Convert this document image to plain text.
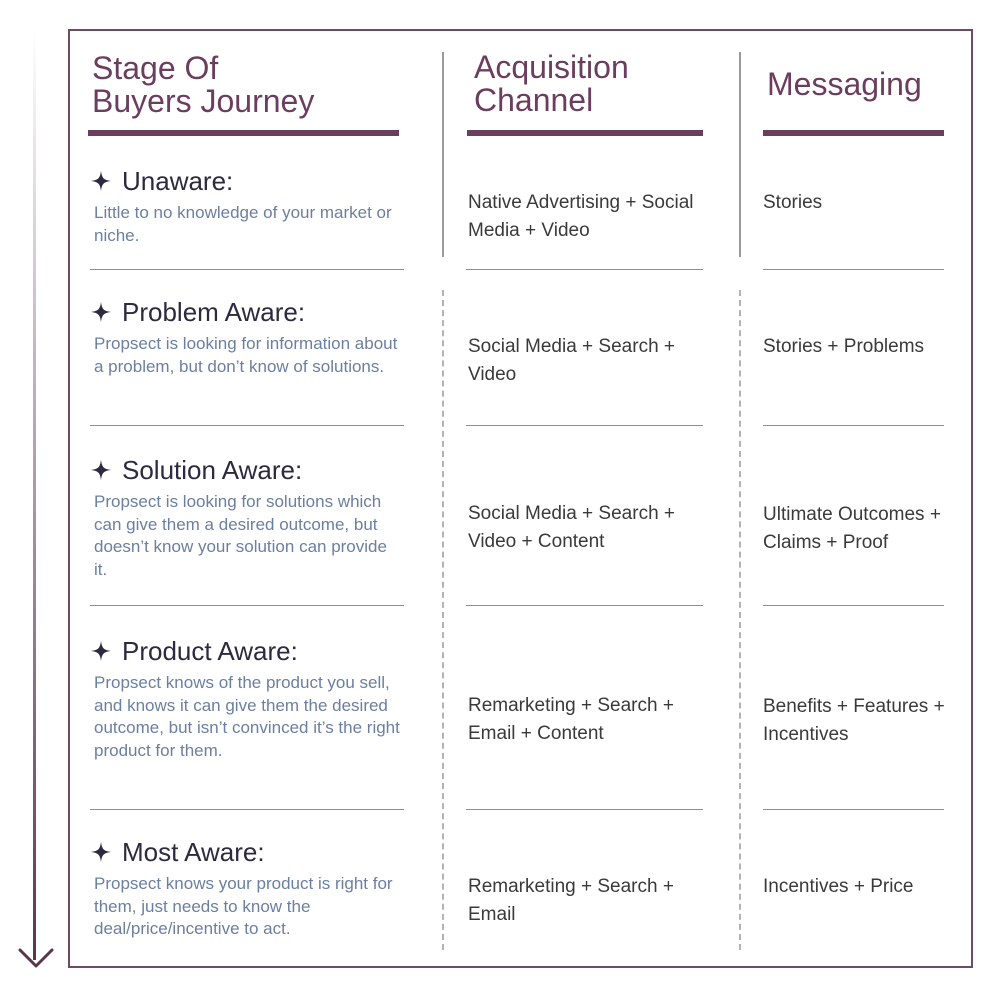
Stage Of
Buyers Journey
Acquisition
Channel	Messaging
Unaware:
Little to no knowledge of your market or niche.
Native Advertising + Social Media + Video
Stories
Problem Aware:
Propsect is looking for information about a problem, but don’t know of solutions.
Social Media + Search + Video
Stories + Problems
Solution Aware:
Propsect is looking for solutions which can give them a desired outcome, but doesn’t know your solution can provide it.
Social Media + Search + Video + Content
Ultimate Outcomes + Claims + Proof
Product Aware:
Propsect knows of the product you sell, and knows it can give them the desired outcome, but isn’t convinced it’s the right product for them.
Remarketing + Search + Email + Content
Benefits + Features + Incentives
Most Aware:
Propsect knows your product is right for them, just needs to know the deal/price/incentive to act.
Remarketing + Search + Email
Incentives + Price
